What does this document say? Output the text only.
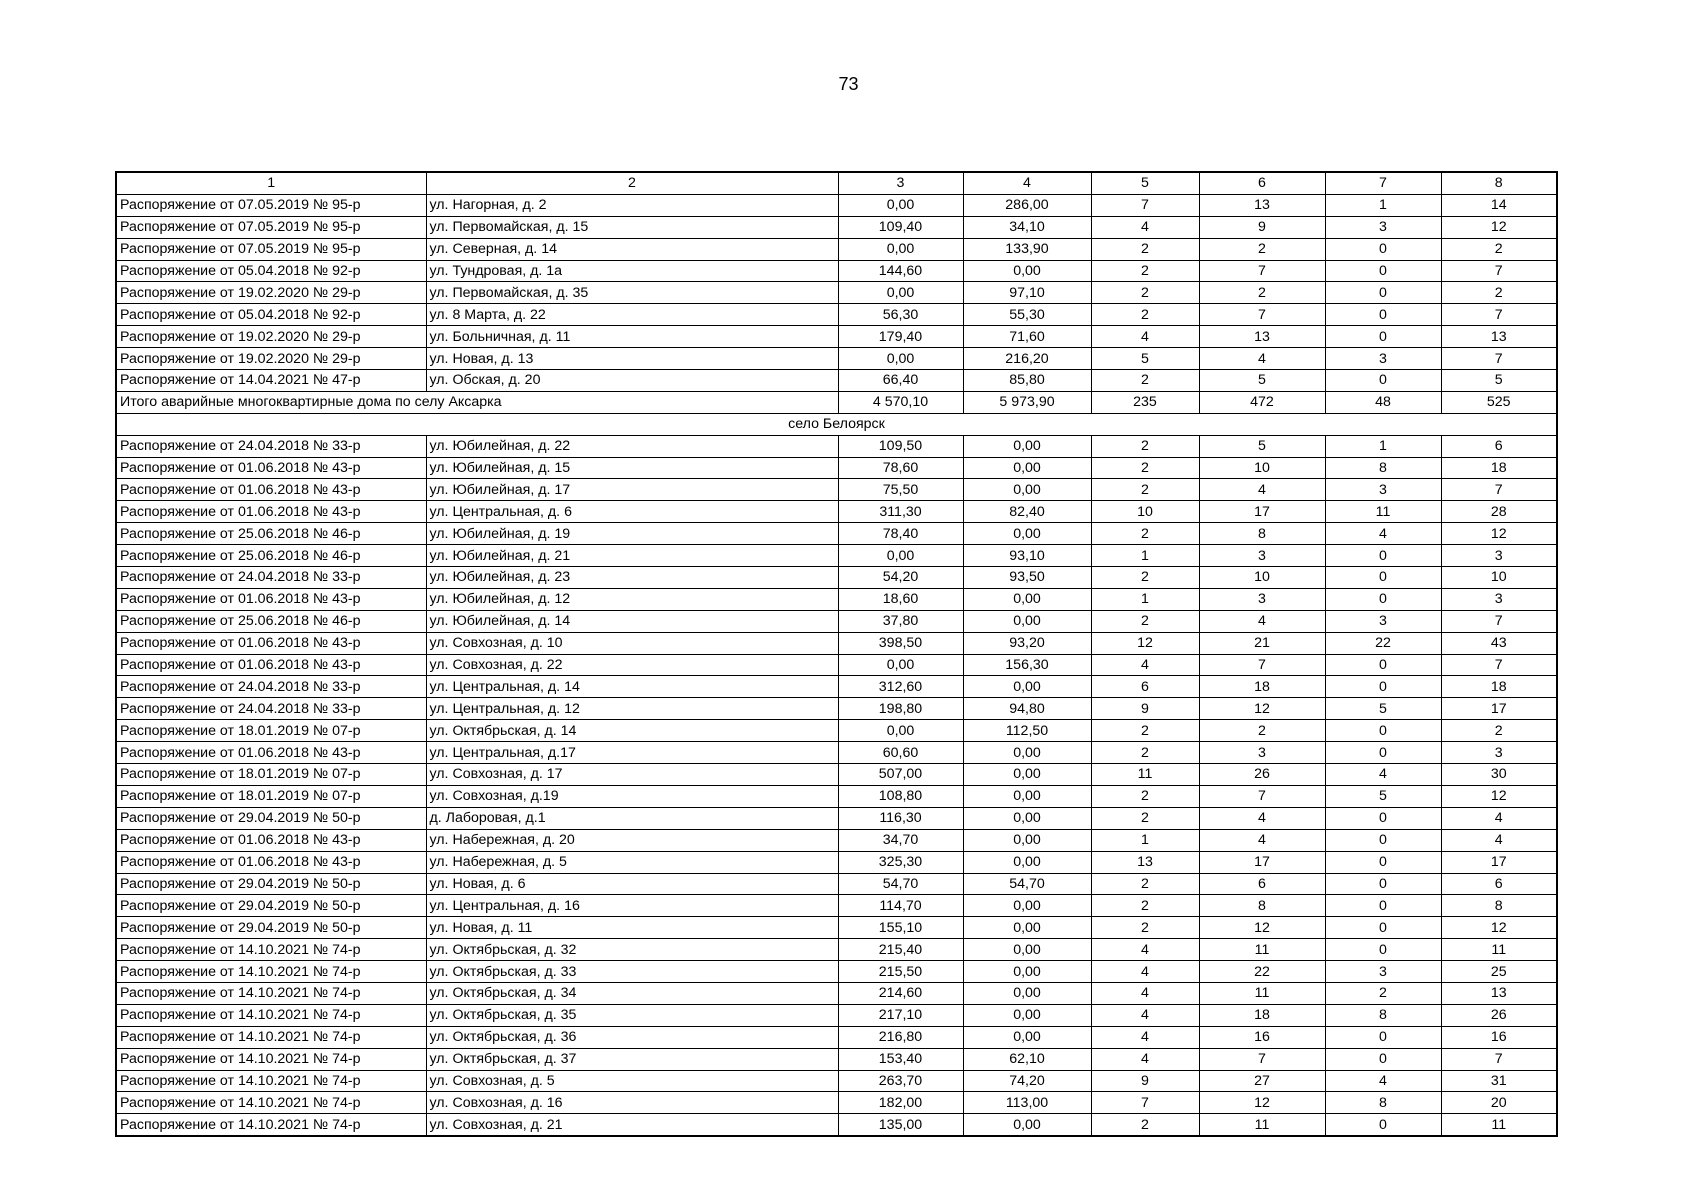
73
1	2	3	4	5	6	7	8
Распоряжение от 07.05.2019 № 95-р	ул. Нагорная, д. 2	0,00	286,00	7	13	1	14
Распоряжение от 07.05.2019 № 95-р	ул. Первомайская, д. 15	109,40	34,10	4	9	3	12
Распоряжение от 07.05.2019 № 95-р	ул. Северная, д. 14	0,00	133,90	2	2	0	2
Распоряжение от 05.04.2018 № 92-р	ул. Тундровая, д. 1а	144,60	0,00	2	7	0	7
Распоряжение от 19.02.2020 № 29-р	ул. Первомайская, д. 35	0,00	97,10	2	2	0	2
Распоряжение от 05.04.2018 № 92-р	ул. 8 Марта, д. 22	56,30	55,30	2	7	0	7
Распоряжение от 19.02.2020 № 29-р	ул. Больничная, д. 11	179,40	71,60	4	13	0	13
Распоряжение от 19.02.2020 № 29-р	ул. Новая, д. 13	0,00	216,20	5	4	3	7
Распоряжение от 14.04.2021 № 47-р	ул. Обская, д. 20	66,40	85,80	2	5	0	5
Итого аварийные многоквартирные дома по селу Аксарка		4 570,10	5 973,90	235	472	48	525
село Белоярск							
Распоряжение от 24.04.2018 № 33-р	ул. Юбилейная, д. 22	109,50	0,00	2	5	1	6
Распоряжение от 01.06.2018 № 43-р	ул. Юбилейная, д. 15	78,60	0,00	2	10	8	18
Распоряжение от 01.06.2018 № 43-р	ул. Юбилейная, д. 17	75,50	0,00	2	4	3	7
Распоряжение от 01.06.2018 № 43-р	ул. Центральная, д. 6	311,30	82,40	10	17	11	28
Распоряжение от 25.06.2018 № 46-р	ул. Юбилейная, д. 19	78,40	0,00	2	8	4	12
Распоряжение от 25.06.2018 № 46-р	ул. Юбилейная, д. 21	0,00	93,10	1	3	0	3
Распоряжение от 24.04.2018 № 33-р	ул. Юбилейная, д. 23	54,20	93,50	2	10	0	10
Распоряжение от 01.06.2018 № 43-р	ул. Юбилейная, д. 12	18,60	0,00	1	3	0	3
Распоряжение от 25.06.2018 № 46-р	ул. Юбилейная, д. 14	37,80	0,00	2	4	3	7
Распоряжение от 01.06.2018 № 43-р	ул. Совхозная, д. 10	398,50	93,20	12	21	22	43
Распоряжение от 01.06.2018 № 43-р	ул. Совхозная, д. 22	0,00	156,30	4	7	0	7
Распоряжение от 24.04.2018 № 33-р	ул. Центральная, д. 14	312,60	0,00	6	18	0	18
Распоряжение от 24.04.2018 № 33-р	ул. Центральная, д. 12	198,80	94,80	9	12	5	17
Распоряжение от 18.01.2019 № 07-р	ул. Октябрьская, д. 14	0,00	112,50	2	2	0	2
Распоряжение от 01.06.2018 № 43-р	ул. Центральная, д.17	60,60	0,00	2	3	0	3
Распоряжение от 18.01.2019 № 07-р	ул. Совхозная, д. 17	507,00	0,00	11	26	4	30
Распоряжение от 18.01.2019 № 07-р	ул. Совхозная, д.19	108,80	0,00	2	7	5	12
Распоряжение от 29.04.2019 № 50-р	д. Лаборовая, д.1	116,30	0,00	2	4	0	4
Распоряжение от 01.06.2018 № 43-р	ул. Набережная, д. 20	34,70	0,00	1	4	0	4
Распоряжение от 01.06.2018 № 43-р	ул. Набережная, д. 5	325,30	0,00	13	17	0	17
Распоряжение от 29.04.2019 № 50-р	ул. Новая, д. 6	54,70	54,70	2	6	0	6
Распоряжение от 29.04.2019 № 50-р	ул. Центральная, д. 16	114,70	0,00	2	8	0	8
Распоряжение от 29.04.2019 № 50-р	ул. Новая, д. 11	155,10	0,00	2	12	0	12
Распоряжение от 14.10.2021 № 74-р	ул. Октябрьская, д. 32	215,40	0,00	4	11	0	11
Распоряжение от 14.10.2021 № 74-р	ул. Октябрьская, д. 33	215,50	0,00	4	22	3	25
Распоряжение от 14.10.2021 № 74-р	ул. Октябрьская, д. 34	214,60	0,00	4	11	2	13
Распоряжение от 14.10.2021 № 74-р	ул. Октябрьская, д. 35	217,10	0,00	4	18	8	26
Распоряжение от 14.10.2021 № 74-р	ул. Октябрьская, д. 36	216,80	0,00	4	16	0	16
Распоряжение от 14.10.2021 № 74-р	ул. Октябрьская, д. 37	153,40	62,10	4	7	0	7
Распоряжение от 14.10.2021 № 74-р	ул. Совхозная, д. 5	263,70	74,20	9	27	4	31
Распоряжение от 14.10.2021 № 74-р	ул. Совхозная, д. 16	182,00	113,00	7	12	8	20
Распоряжение от 14.10.2021 № 74-р	ул. Совхозная, д. 21	135,00	0,00	2	11	0	11
